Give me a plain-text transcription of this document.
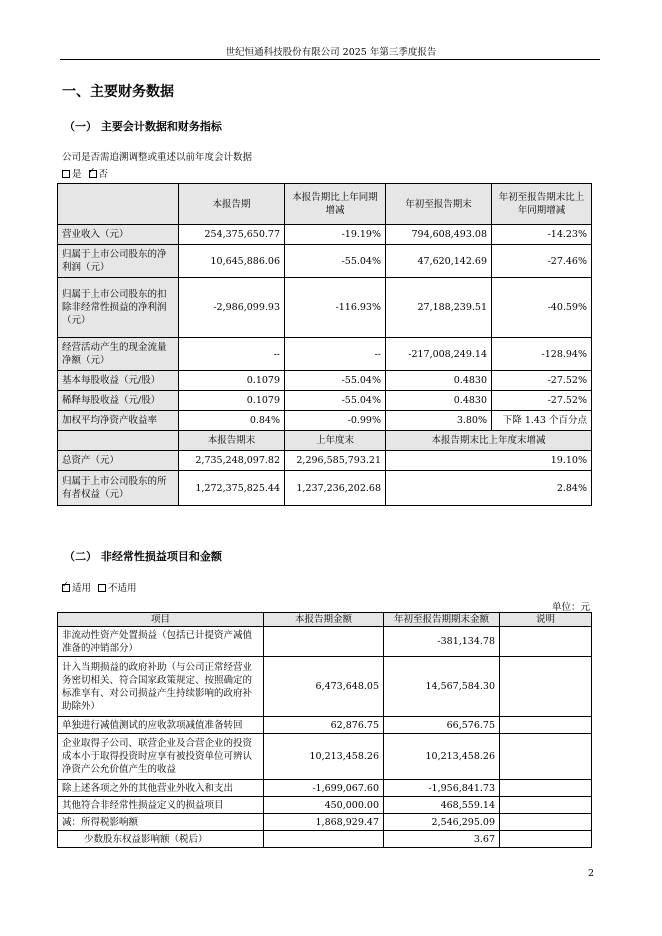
世纪恒通科技股份有限公司 2025 年第三季度报告
一、主要财务数据
（一） 主要会计数据和财务指标
公司是否需追溯调整或重述以前年度会计数据
是 ✓ 否
	本报告期	本报告期比上年同期增减	年初至报告期末	年初至报告期末比上年同期增减
营业收入（元）	254,375,650.77	-19.19%	794,608,493.08	-14.23%
归属于上市公司股东的净利润（元）	10,645,886.06	-55.04%	47,620,142.69	-27.46%
归属于上市公司股东的扣除非经常性损益的净利润（元）	-2,986,099.93	-116.93%	27,188,239.51	-40.59%
经营活动产生的现金流量净额（元）	--	--	-217,008,249.14	-128.94%
基本每股收益（元/股）	0.1079	-55.04%	0.4830	-27.52%
稀释每股收益（元/股）	0.1079	-55.04%	0.4830	-27.52%
加权平均净资产收益率	0.84%	-0.99%	3.80%	下降 1.43 个百分点
	本报告期末	上年度末	本报告期末比上年度末增减	
总资产（元）	2,735,248,097.82	2,296,585,793.21	19.10%	
归属于上市公司股东的所有者权益（元）	1,272,375,825.44	1,237,236,202.68	2.84%	
（二） 非经常性损益项目和金额
✓适用 不适用
单位：元
项目	本报告期金额	年初至报告期期末金额	说明
非流动性资产处置损益（包括已计提资产减值准备的冲销部分）		-381,134.78	
计入当期损益的政府补助（与公司正常经营业务密切相关、符合国家政策规定、按照确定的标准享有、对公司损益产生持续影响的政府补助除外）	6,473,648.05	14,567,584.30	
单独进行减值测试的应收款项减值准备转回	62,876.75	66,576.75	
企业取得子公司、联营企业及合营企业的投资成本小于取得投资时应享有被投资单位可辨认净资产公允价值产生的收益	10,213,458.26	10,213,458.26	
除上述各项之外的其他营业外收入和支出	-1,699,067.60	-1,956,841.73	
其他符合非经常性损益定义的损益项目	450,000.00	468,559.14	
减：所得税影响额	1,868,929.47	2,546,295.09	
少数股东权益影响额（税后）		3.67	
2
